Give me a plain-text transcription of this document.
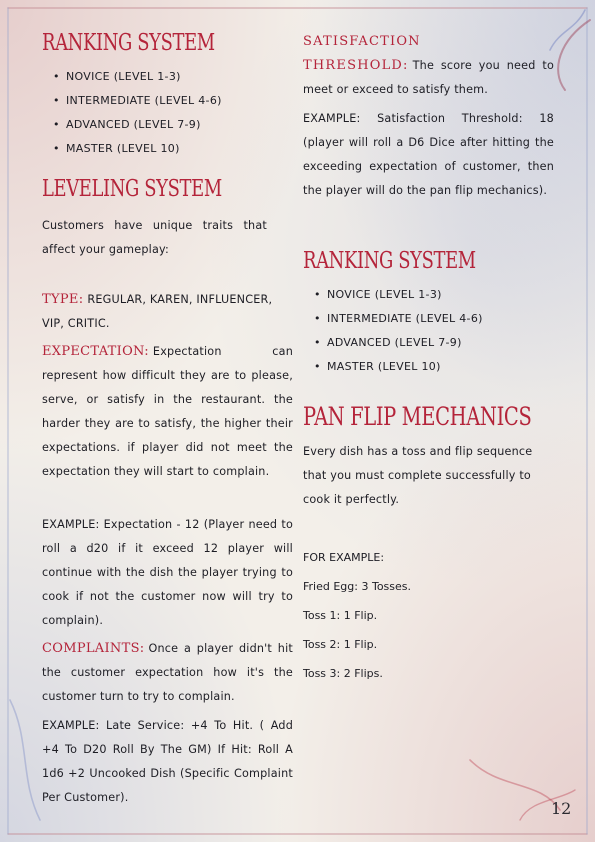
RANKING SYSTEM
• NOVICE (LEVEL 1-3)
• INTERMEDIATE (LEVEL 4-6)
• ADVANCED (LEVEL 7-9)
• MASTER (LEVEL 10)
LEVELING SYSTEM

Customers have unique traits that affect your gameplay:

TYPE: REGULAR, KAREN, INFLUENCER, VIP, CRITIC.

EXPECTATION: Expectation can represent how difficult they are to please, serve, or satisfy in the restaurant. the harder they are to satisfy, the higher their expectations. if player did not meet the expectation they will start to complain.

EXAMPLE: Expectation - 12 (Player need to roll a d20 if it exceed 12 player will continue with the dish the player trying to cook if not the customer now will try to complain).

COMPLAINTS: Once a player didn't hit the customer expectation how it's the customer turn to try to complain.

EXAMPLE: Late Service: +4 To Hit. ( Add +4 To D20 Roll By The GM) If Hit: Roll A 1d6 +2 Uncooked Dish (Specific Complaint Per Customer).

SATISFACTION THRESHOLD: The score you need to meet or exceed to satisfy them.

EXAMPLE: Satisfaction Threshold: 18 (player will roll a D6 Dice after hitting the exceeding expectation of customer, then the player will do the pan flip mechanics).

RANKING SYSTEM
• NOVICE (LEVEL 1-3)
• INTERMEDIATE (LEVEL 4-6)
• ADVANCED (LEVEL 7-9)
• MASTER (LEVEL 10)
PAN FLIP MECHANICS

Every dish has a toss and flip sequence that you must complete successfully to cook it perfectly.

FOR EXAMPLE:

Fried Egg: 3 Tosses.

Toss 1: 1 Flip.

Toss 2: 1 Flip.

Toss 3: 2 Flips.

12
